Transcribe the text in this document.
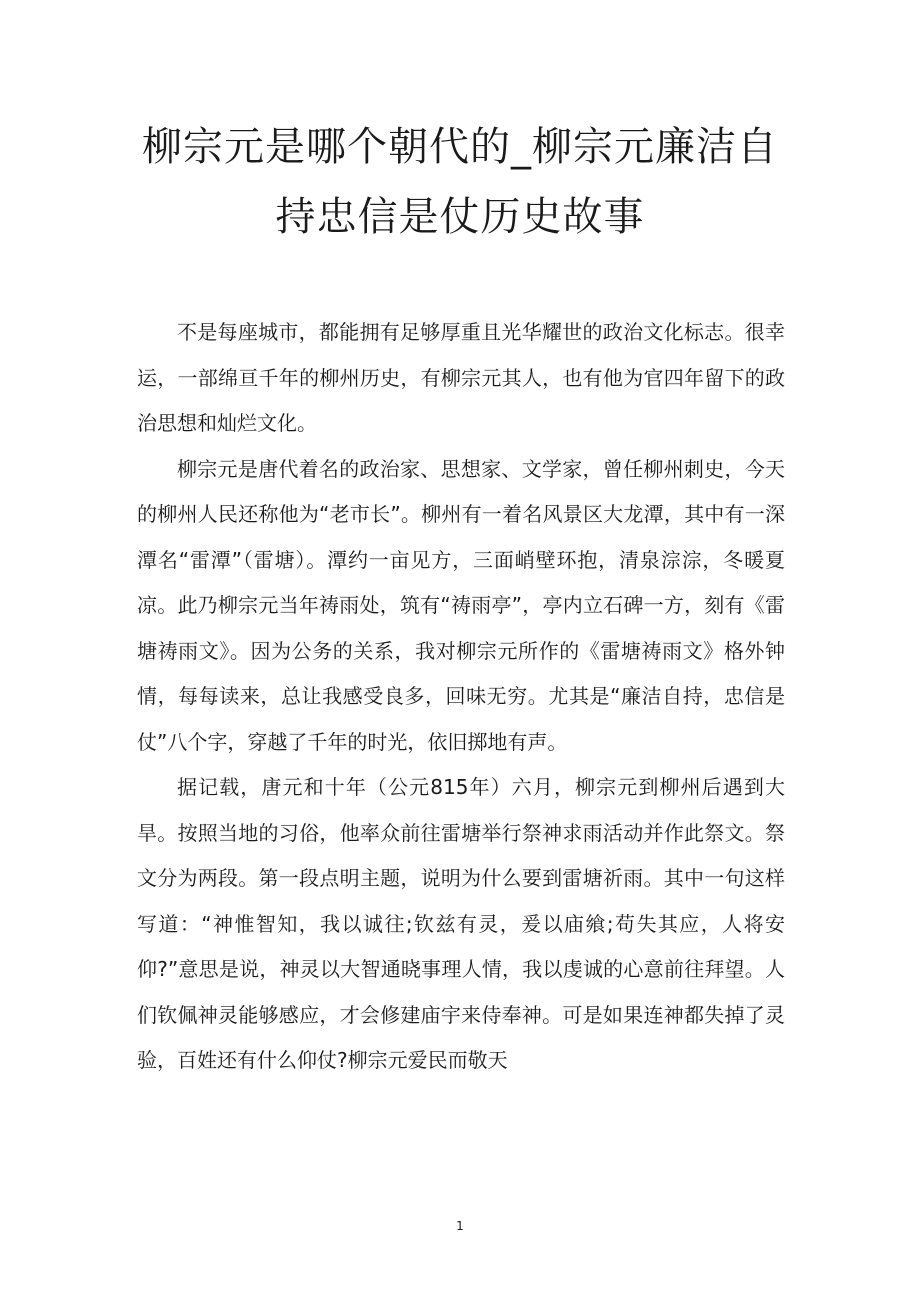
柳宗元是哪个朝代的_柳宗元廉洁自
持忠信是仗历史故事

不是每座城市，都能拥有足够厚重且光华耀世的政治文化标志。很幸运，一部绵亘千年的柳州历史，有柳宗元其人，也有他为官四年留下的政治思想和灿烂文化。

柳宗元是唐代着名的政治家、思想家、文学家，曾任柳州刺史，今天的柳州人民还称他为“老市长”。柳州有一着名风景区大龙潭，其中有一深潭名“雷潭”（雷塘）。潭约一亩见方，三面峭壁环抱，清泉淙淙，冬暖夏凉。此乃柳宗元当年祷雨处，筑有“祷雨亭”，亭内立石碑一方，刻有《雷塘祷雨文》。因为公务的关系，我对柳宗元所作的《雷塘祷雨文》格外钟情，每每读来，总让我感受良多，回味无穷。尤其是“廉洁自持，忠信是仗”八个字，穿越了千年的时光，依旧掷地有声。

据记载，唐元和十年（公元815年）六月，柳宗元到柳州后遇到大旱。按照当地的习俗，他率众前往雷塘举行祭神求雨活动并作此祭文。祭文分为两段。第一段点明主题，说明为什么要到雷塘祈雨。其中一句这样写道：“神惟智知，我以诚往;钦兹有灵，爰以庙飨;苟失其应，人将安仰?”意思是说，神灵以大智通晓事理人情，我以虔诚的心意前往拜望。人们钦佩神灵能够感应，才会修建庙宇来侍奉神。可是如果连神都失掉了灵验，百姓还有什么仰仗?柳宗元爱民而敬天

1
